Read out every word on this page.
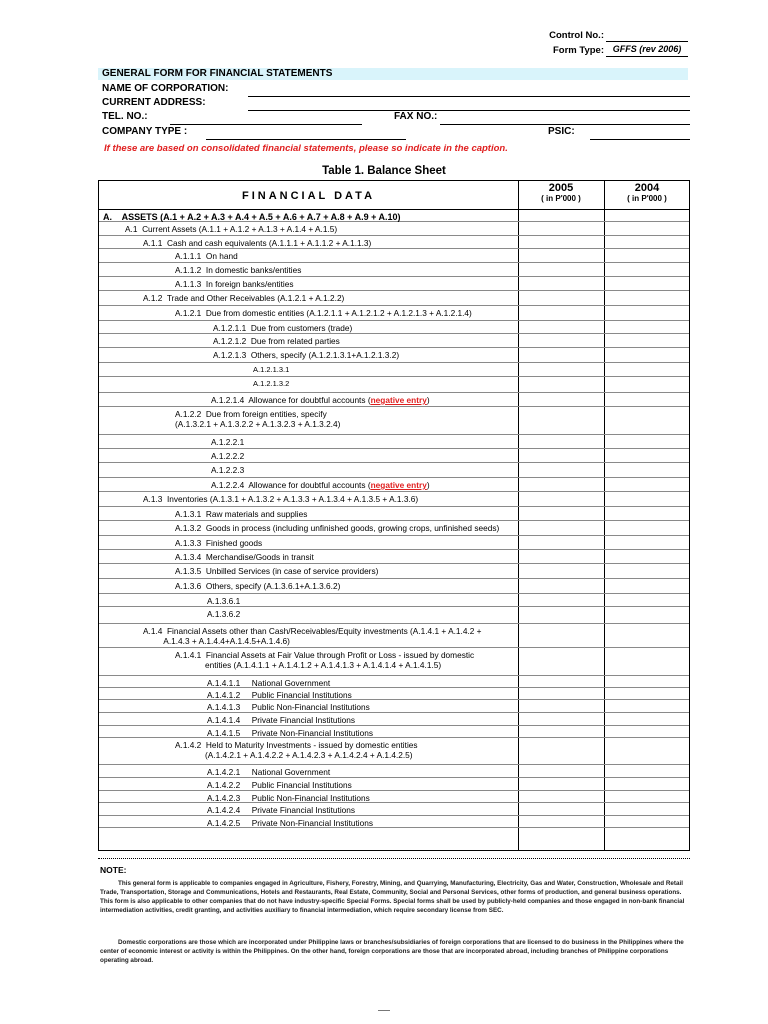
Control No.:
Form Type: GFFS (rev 2006)
GENERAL FORM FOR FINANCIAL STATEMENTS
NAME OF CORPORATION:
CURRENT ADDRESS:
TEL. NO.:	FAX NO.:
COMPANY TYPE :	PSIC:
If these are based on consolidated financial statements, please so indicate in the caption.
Table 1. Balance Sheet
FINANCIAL DATA
2005
( in P'000 )
2004
( in P'000 )
A.    ASSETS (A.1 + A.2 + A.3 + A.4 + A.5 + A.6 + A.7 + A.8 + A.9 + A.10)
A.1  Current Assets (A.1.1 + A.1.2 + A.1.3 + A.1.4 + A.1.5)
A.1.1  Cash and cash equivalents (A.1.1.1 + A.1.1.2 + A.1.1.3)
A.1.1.1  On hand
A.1.1.2  In domestic banks/entities
A.1.1.3  In foreign banks/entities
A.1.2  Trade and Other Receivables (A.1.2.1 + A.1.2.2)
A.1.2.1  Due from domestic entities (A.1.2.1.1 + A.1.2.1.2 + A.1.2.1.3 + A.1.2.1.4)
A.1.2.1.1  Due from customers (trade)
A.1.2.1.2  Due from related parties
A.1.2.1.3  Others, specify (A.1.2.1.3.1+A.1.2.1.3.2)
A.1.2.1.3.1
A.1.2.1.3.2
A.1.2.1.4  Allowance for doubtful accounts (negative entry)
A.1.2.2  Due from foreign entities, specify
(A.1.3.2.1 + A.1.3.2.2 + A.1.3.2.3 + A.1.3.2.4)
A.1.2.2.1
A.1.2.2.2
A.1.2.2.3
A.1.2.2.4  Allowance for doubtful accounts (negative entry)
A.1.3  Inventories (A.1.3.1 + A.1.3.2 + A.1.3.3 + A.1.3.4 + A.1.3.5 + A.1.3.6)
A.1.3.1  Raw materials and supplies
A.1.3.2  Goods in process (including unfinished goods, growing crops, unfinished seeds)
A.1.3.3  Finished goods
A.1.3.4  Merchandise/Goods in transit
A.1.3.5  Unbilled Services (in case of service providers)
A.1.3.6  Others, specify (A.1.3.6.1+A.1.3.6.2)
A.1.3.6.1
A.1.3.6.2
A.1.4  Financial Assets other than Cash/Receivables/Equity investments (A.1.4.1 + A.1.4.2 +
A.1.4.3 + A.1.4.4+A.1.4.5+A.1.4.6)
A.1.4.1  Financial Assets at Fair Value through Profit or Loss - issued by domestic
entities (A.1.4.1.1 + A.1.4.1.2 + A.1.4.1.3 + A.1.4.1.4 + A.1.4.1.5)
A.1.4.1.1     National Government
A.1.4.1.2     Public Financial Institutions
A.1.4.1.3     Public Non-Financial Institutions
A.1.4.1.4     Private Financial Institutions
A.1.4.1.5     Private Non-Financial Institutions
A.1.4.2  Held to Maturity Investments - issued by domestic entities
(A.1.4.2.1 + A.1.4.2.2 + A.1.4.2.3 + A.1.4.2.4 + A.1.4.2.5)
A.1.4.2.1     National Government
A.1.4.2.2     Public Financial Institutions
A.1.4.2.3     Public Non-Financial Institutions
A.1.4.2.4     Private Financial Institutions
A.1.4.2.5     Private Non-Financial Institutions
NOTE:
This general form is applicable to companies engaged in Agriculture, Fishery, Forestry, Mining, and Quarrying, Manufacturing, Electricity, Gas and Water, Construction, Wholesale and Retail Trade, Transportation, Storage and Communications, Hotels and Restaurants, Real Estate, Community, Social and Personal Services, other forms of production, and general business operations. This form is also applicable to other companies that do not have industry-specific Special Forms. Special forms shall be used by publicly-held companies and those engaged in non-bank financial intermediation activities, credit granting, and activities auxiliary to financial intermediation, which require secondary license from SEC.
Domestic corporations are those which are incorporated under Philippine laws or branches/subsidiaries of foreign corporations that are licensed to do business in the Philippines where the center of economic interest or activity is within the Philippines. On the other hand, foreign corporations are those that are incorporated abroad, including branches of Philippine corporations operating abroad.
